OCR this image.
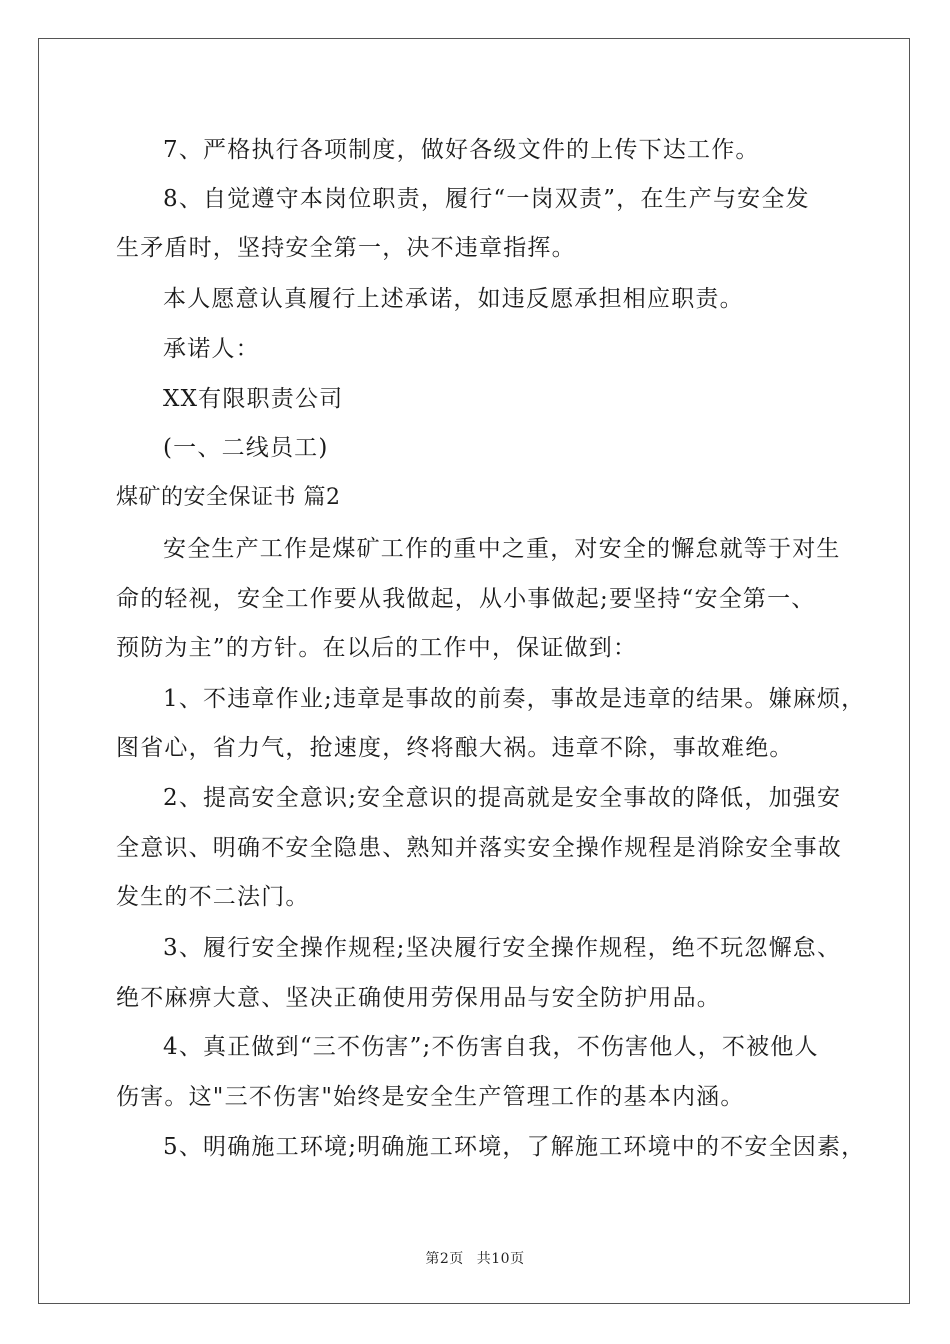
7、严格执行各项制度，做好各级文件的上传下达工作。
8、自觉遵守本岗位职责，履行“一岗双责”，在生产与安全发
生矛盾时，坚持安全第一，决不违章指挥。
本人愿意认真履行上述承诺，如违反愿承担相应职责。
承诺人：
XX有限职责公司
(一、二线员工)
煤矿的安全保证书 篇2
安全生产工作是煤矿工作的重中之重，对安全的懈怠就等于对生
命的轻视，安全工作要从我做起，从小事做起;要坚持“安全第一、
预防为主”的方针。在以后的工作中，保证做到：
1、不违章作业;违章是事故的前奏，事故是违章的结果。嫌麻烦，
图省心，省力气，抢速度，终将酿大祸。违章不除，事故难绝。
2、提高安全意识;安全意识的提高就是安全事故的降低，加强安
全意识、明确不安全隐患、熟知并落实安全操作规程是消除安全事故
发生的不二法门。
3、履行安全操作规程;坚决履行安全操作规程，绝不玩忽懈怠、
绝不麻痹大意、坚决正确使用劳保用品与安全防护用品。
4、真正做到“三不伤害”;不伤害自我，不伤害他人，不被他人
伤害。这"三不伤害"始终是安全生产管理工作的基本内涵。
5、明确施工环境;明确施工环境，了解施工环境中的不安全因素，
第2页 共10页
